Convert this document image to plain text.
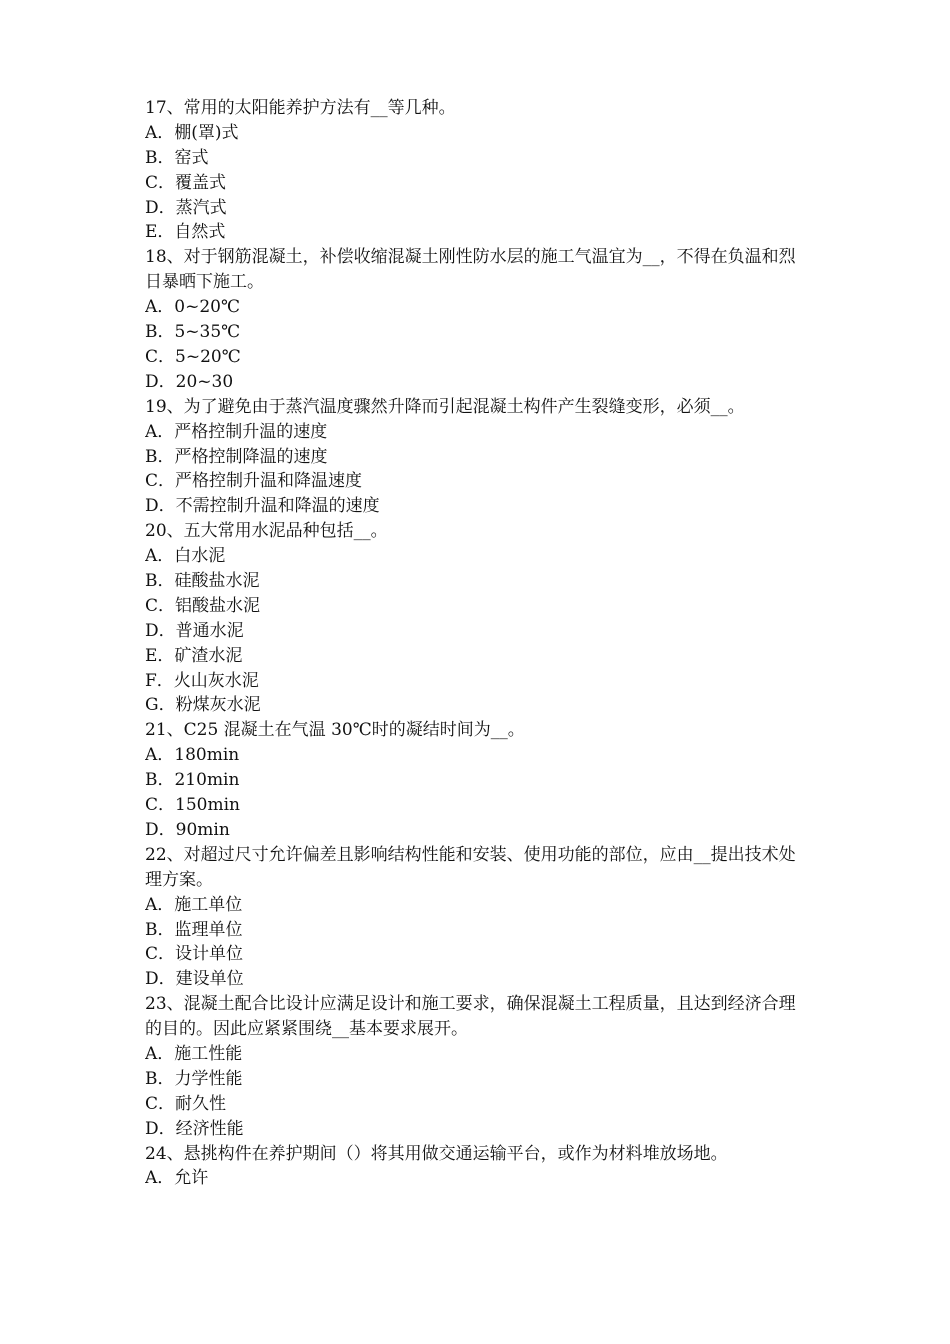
17、常用的太阳能养护方法有__等几种。
A．棚(罩)式
B．窑式
C．覆盖式
D．蒸汽式
E．自然式
18、对于钢筋混凝土，补偿收缩混凝土刚性防水层的施工气温宜为__，不得在负温和烈日暴晒下施工。
A．0~20℃
B．5~35℃
C．5~20℃
D．20~30
19、为了避免由于蒸汽温度骤然升降而引起混凝土构件产生裂缝变形，必须__。
A．严格控制升温的速度
B．严格控制降温的速度
C．严格控制升温和降温速度
D．不需控制升温和降温的速度
20、五大常用水泥品种包括__。
A．白水泥
B．硅酸盐水泥
C．铝酸盐水泥
D．普通水泥
E．矿渣水泥
F．火山灰水泥
G．粉煤灰水泥
21、C25 混凝土在气温 30℃时的凝结时间为__。
A．180min
B．210min
C．150min
D．90min
22、对超过尺寸允许偏差且影响结构性能和安装、使用功能的部位，应由__提出技术处理方案。
A．施工单位
B．监理单位
C．设计单位
D．建设单位
23、混凝土配合比设计应满足设计和施工要求，确保混凝土工程质量，且达到经济合理的目的。因此应紧紧围绕__基本要求展开。
A．施工性能
B．力学性能
C．耐久性
D．经济性能
24、悬挑构件在养护期间（）将其用做交通运输平台，或作为材料堆放场地。
A．允许
